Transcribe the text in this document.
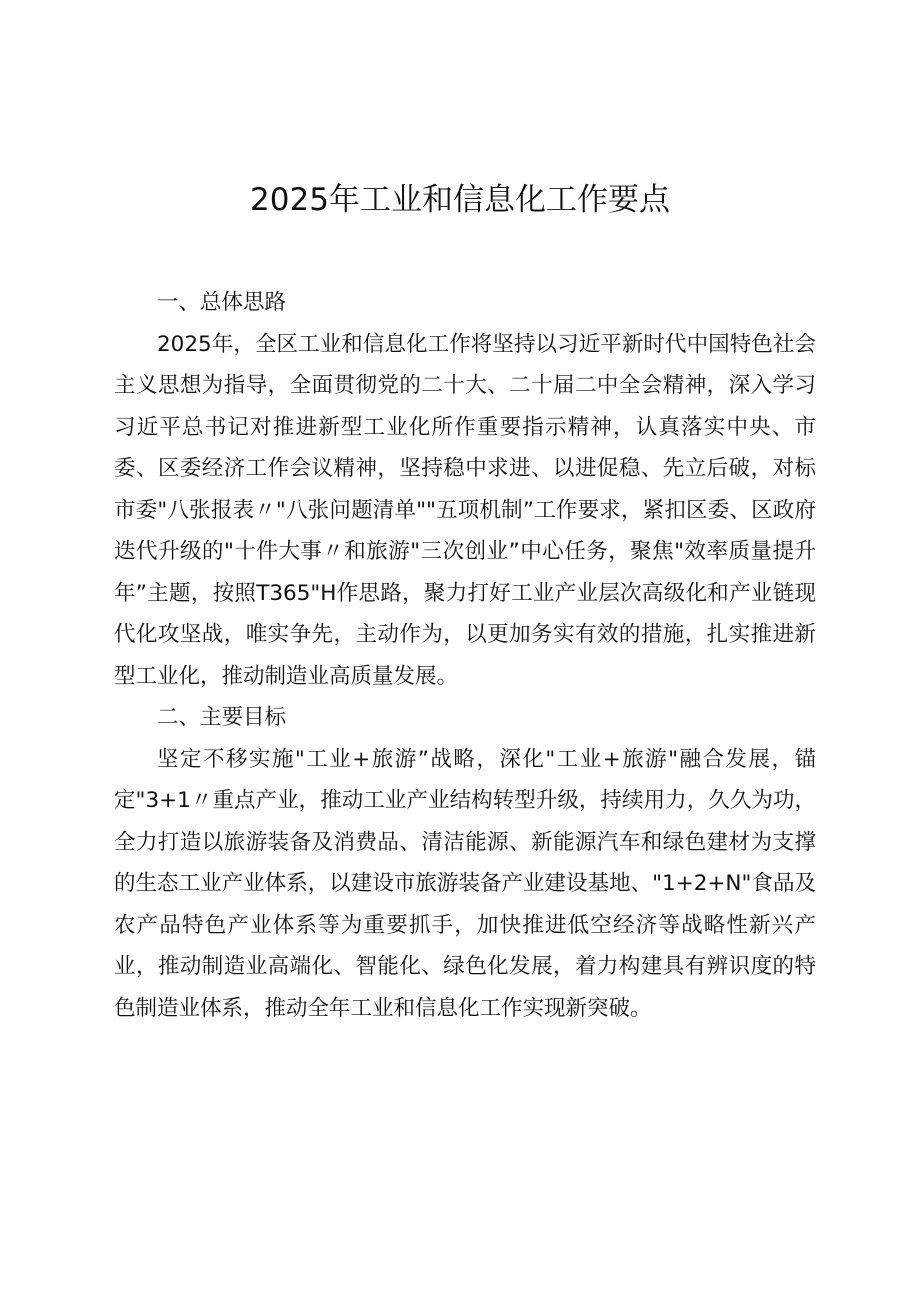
2025年工业和信息化工作要点

一、总体思路

2025年，全区工业和信息化工作将坚持以习近平新时代中国特色社会主义思想为指导，全面贯彻党的二十大、二十届二中全会精神，深入学习习近平总书记对推进新型工业化所作重要指示精神，认真落实中央、市委、区委经济工作会议精神，坚持稳中求进、以进促稳、先立后破，对标市委"八张报表〃"八张问题清单""五项机制”工作要求，紧扣区委、区政府迭代升级的"十件大事〃和旅游"三次创业”中心任务，聚焦"效率质量提升年”主题，按照T365"H作思路，聚力打好工业产业层次高级化和产业链现代化攻坚战，唯实争先，主动作为，以更加务实有效的措施，扎实推进新型工业化，推动制造业高质量发展。

二、主要目标

坚定不移实施"工业+旅游”战略，深化"工业+旅游"融合发展，锚定"3+1〃重点产业，推动工业产业结构转型升级，持续用力，久久为功，全力打造以旅游装备及消费品、清洁能源、新能源汽车和绿色建材为支撑的生态工业产业体系，以建设市旅游装备产业建设基地、"1+2+N"食品及农产品特色产业体系等为重要抓手，加快推进低空经济等战略性新兴产业，推动制造业高端化、智能化、绿色化发展，着力构建具有辨识度的特色制造业体系，推动全年工业和信息化工作实现新突破。
